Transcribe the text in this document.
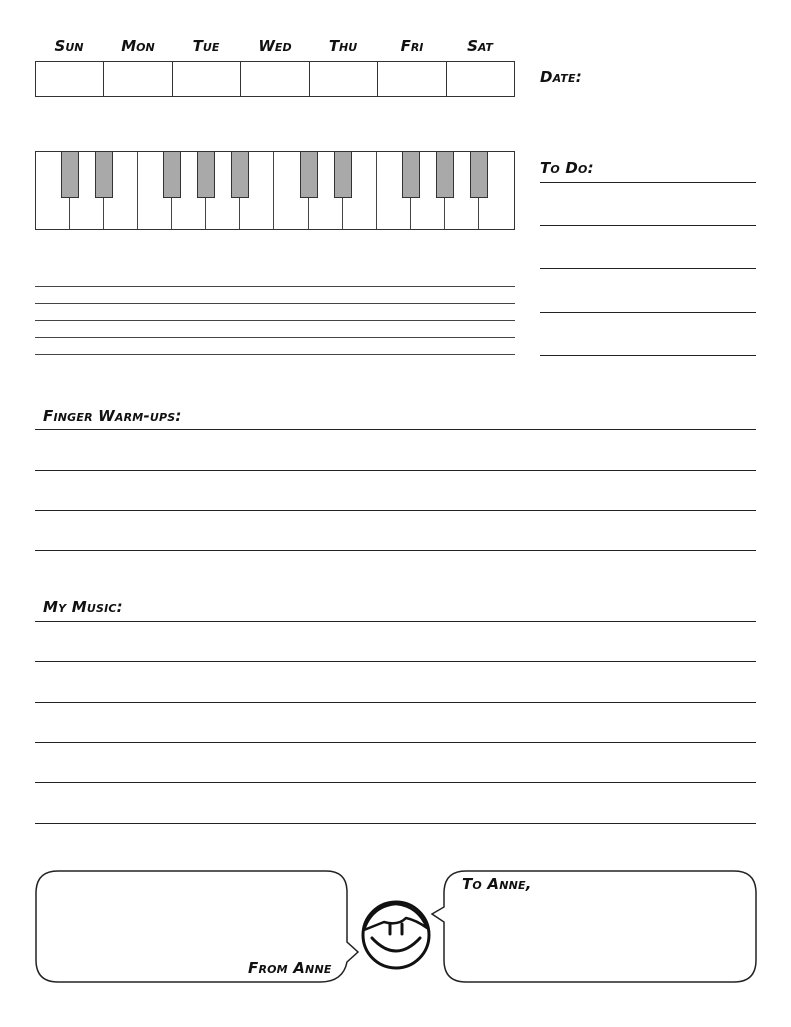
Sun	Mon	Tue	Wed	Thu	Fri	Sat
Date:
To Do:
Finger Warm-ups:
My Music:
From Anne
To Anne,
